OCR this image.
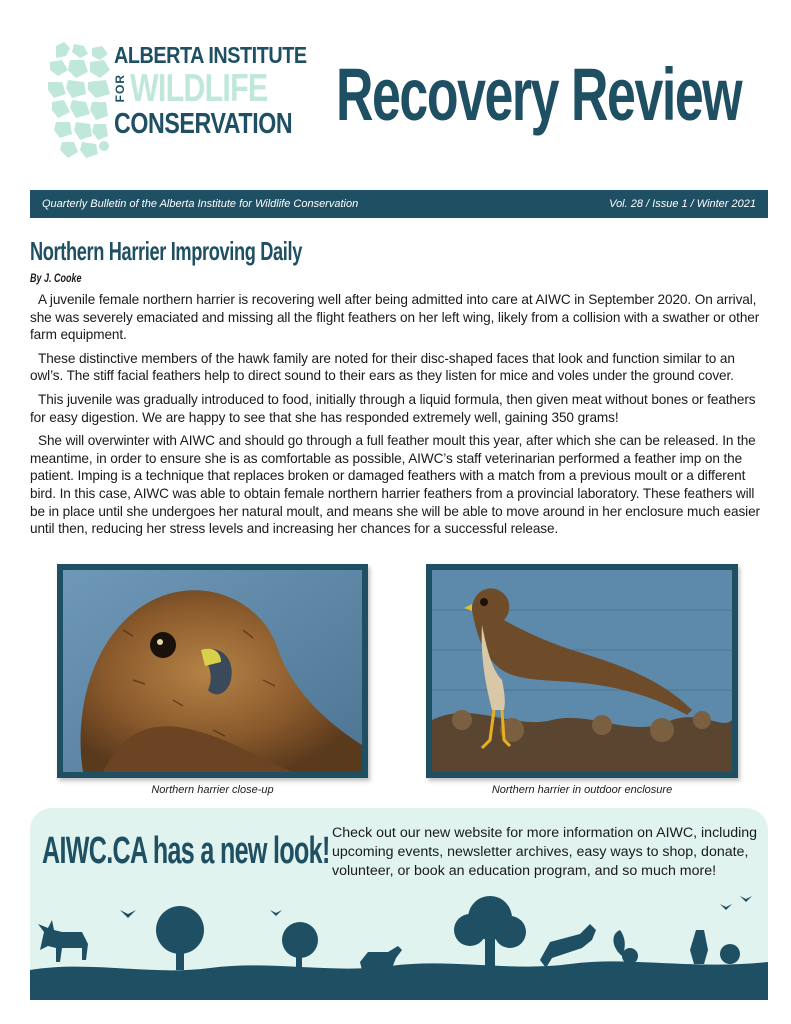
ALBERTA INSTITUTE
FOR WILDLIFE
CONSERVATION Recovery Review
Quarterly Bulletin of the Alberta Institute for Wildlife Conservation	Vol. 28 / Issue 1 / Winter 2021
Northern Harrier Improving Daily
By J. Cooke

A juvenile female northern harrier is recovering well after being admitted into care at AIWC in September 2020. On arrival, she was severely emaciated and missing all the flight feathers on her left wing, likely from a collision with a swather or other farm equipment.

These distinctive members of the hawk family are noted for their disc-shaped faces that look and function similar to an owl’s. The stiff facial feathers help to direct sound to their ears as they listen for mice and voles under the ground cover.

This juvenile was gradually introduced to food, initially through a liquid formula, then given meat without bones or feathers for easy digestion. We are happy to see that she has responded extremely well, gaining 350 grams!

She will overwinter with AIWC and should go through a full feather moult this year, after which she can be released. In the meantime, in order to ensure she is as comfortable as possible, AIWC’s staff veterinarian performed a feather imp on the patient. Imping is a technique that replaces broken or damaged feathers with a match from a previous moult or a different bird. In this case, AIWC was able to obtain female northern harrier feathers from a provincial laboratory. These feathers will be in place until she undergoes her natural moult, and means she will be able to move around in her enclosure much easier until then, reducing her stress levels and increasing her chances for a successful release.

Northern harrier close-up	Northern harrier in outdoor enclosure
AIWC.CA has a new look! Check out our new website for more information on AIWC, including upcoming events, newsletter archives, easy ways to shop, donate, volunteer, or book an education program, and so much more!
